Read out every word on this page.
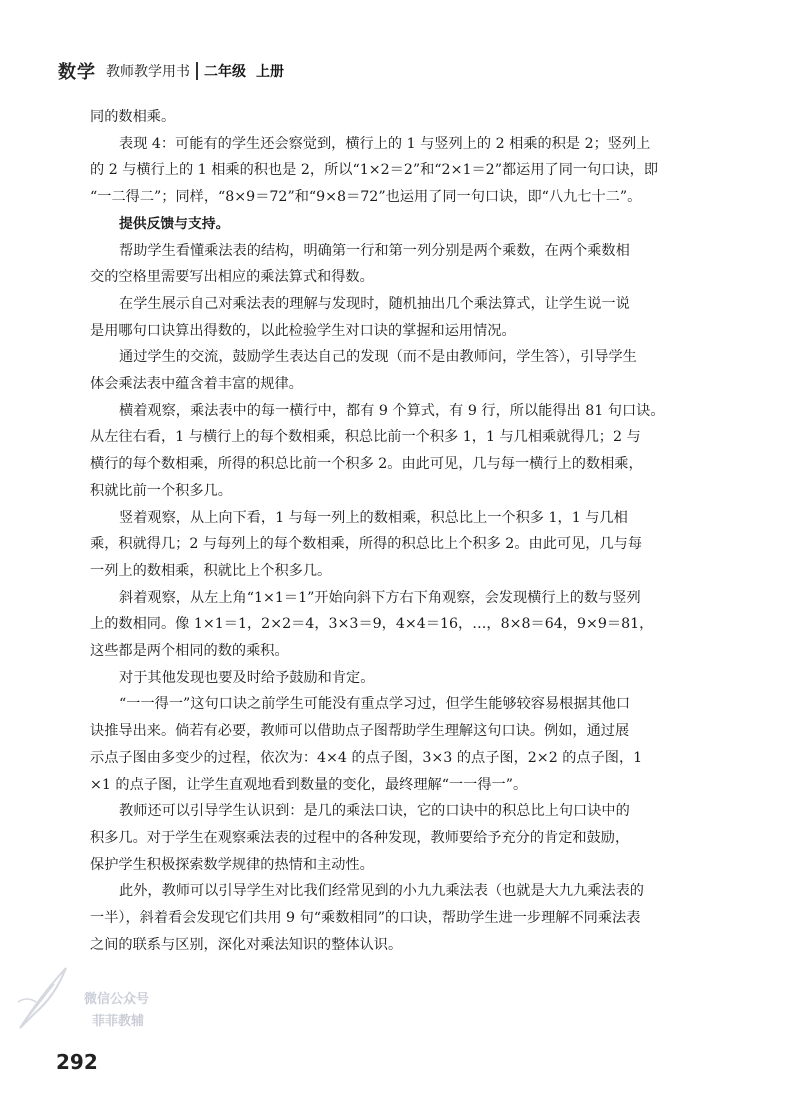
数学 教师教学用书 二年级 上册

同的数相乘。

表现 4：可能有的学生还会察觉到，横行上的 1 与竖列上的 2 相乘的积是 2；竖列上

的 2 与横行上的 1 相乘的积也是 2，所以“1×2＝2”和“2×1＝2”都运用了同一句口诀，即

“一二得二”；同样，“8×9＝72”和“9×8＝72”也运用了同一句口诀，即“八九七十二”。

提供反馈与支持。

帮助学生看懂乘法表的结构，明确第一行和第一列分别是两个乘数，在两个乘数相

交的空格里需要写出相应的乘法算式和得数。

在学生展示自己对乘法表的理解与发现时，随机抽出几个乘法算式，让学生说一说

是用哪句口诀算出得数的，以此检验学生对口诀的掌握和运用情况。

通过学生的交流，鼓励学生表达自己的发现（而不是由教师问，学生答），引导学生

体会乘法表中蕴含着丰富的规律。

横着观察，乘法表中的每一横行中，都有 9 个算式，有 9 行，所以能得出 81 句口诀。

从左往右看，1 与横行上的每个数相乘，积总比前一个积多 1，1 与几相乘就得几；2 与

横行的每个数相乘，所得的积总比前一个积多 2。由此可见，几与每一横行上的数相乘，

积就比前一个积多几。

竖着观察，从上向下看，1 与每一列上的数相乘，积总比上一个积多 1，1 与几相

乘，积就得几；2 与每列上的每个数相乘，所得的积总比上个积多 2。由此可见，几与每

一列上的数相乘，积就比上个积多几。

斜着观察，从左上角“1×1＝1”开始向斜下方右下角观察，会发现横行上的数与竖列

上的数相同。像 1×1＝1，2×2＝4，3×3＝9，4×4＝16，…，8×8＝64，9×9＝81，

这些都是两个相同的数的乘积。

对于其他发现也要及时给予鼓励和肯定。

“一一得一”这句口诀之前学生可能没有重点学习过，但学生能够较容易根据其他口

诀推导出来。倘若有必要，教师可以借助点子图帮助学生理解这句口诀。例如，通过展

示点子图由多变少的过程，依次为：4×4 的点子图，3×3 的点子图，2×2 的点子图，1

×1 的点子图，让学生直观地看到数量的变化，最终理解“一一得一”。

教师还可以引导学生认识到：是几的乘法口诀，它的口诀中的积总比上句口诀中的

积多几。对于学生在观察乘法表的过程中的各种发现，教师要给予充分的肯定和鼓励，

保护学生积极探索数学规律的热情和主动性。

此外，教师可以引导学生对比我们经常见到的小九九乘法表（也就是大九九乘法表的

一半），斜着看会发现它们共用 9 句“乘数相同”的口诀，帮助学生进一步理解不同乘法表

之间的联系与区别，深化对乘法知识的整体认识。

微信公众号
菲菲教辅
292
